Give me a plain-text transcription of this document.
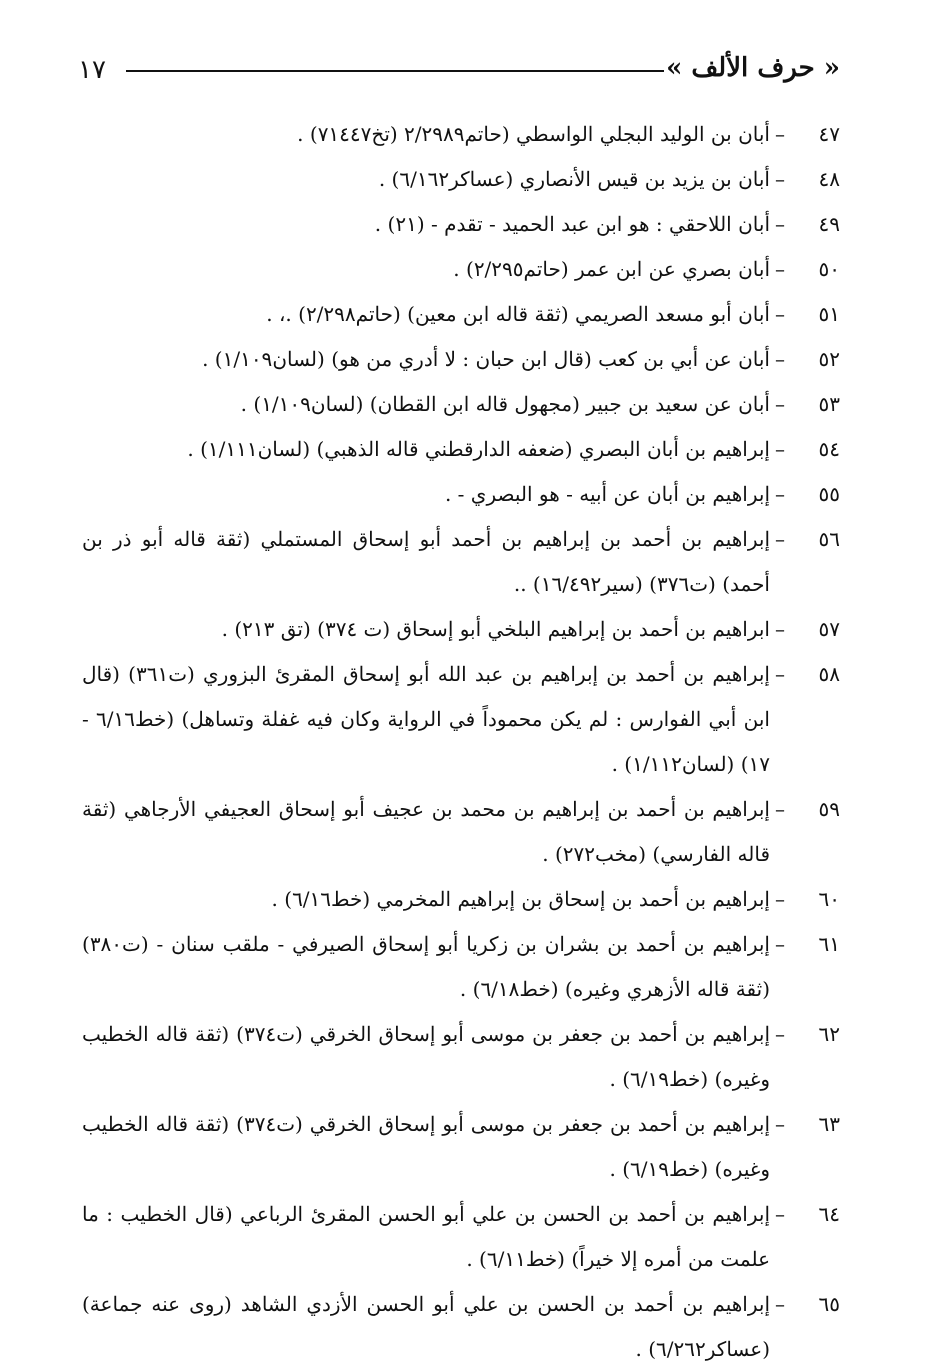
١٧	« حرف الألف »
٤٧
–
أبان بن الوليد البجلي الواسطي (حاتم٢/٢٩٨٩ (تخ٧١٤٤٧) .
٤٨
–
أبان بن يزيد بن قيس الأنصاري (عساكر٦/١٦٢) .
٤٩
–
أبان اللاحقي : هو ابن عبد الحميد - تقدم - (٢١) .
٥٠
–
أبان بصري عن ابن عمر (حاتم٢/٢٩٥) .
٥١
–
أبان أبو مسعد الصريمي (ثقة قاله ابن معين) (حاتم٢/٢٩٨) .، .
٥٢
–
أبان عن أبي بن كعب (قال ابن حبان : لا أدري من هو) (لسان١/١٠٩) .
٥٣
–
أبان عن سعيد بن جبير (مجهول قاله ابن القطان) (لسان١/١٠٩) .
٥٤
–
إبراهيم بن أبان البصري (ضعفه الدارقطني قاله الذهبي) (لسان١/١١١) .
٥٥
–
إبراهيم بن أبان عن أبيه - هو البصري - .
٥٦
–
إبراهيم بن أحمد بن إبراهيم بن أحمد أبو إسحاق المستملي (ثقة قاله أبو ذر بن أحمد) (ت٣٧٦) (سير١٦/٤٩٢) ..
٥٧
–
ابراهيم بن أحمد بن إبراهيم البلخي أبو إسحاق (ت ٣٧٤) (تق ٢١٣) .
٥٨
–
إبراهيم بن أحمد بن إبراهيم بن عبد الله أبو إسحاق المقرئ البزوري (ت٣٦١) (قال ابن أبي الفوارس : لم يكن محموداً في الرواية وكان فيه غفلة وتساهل) (خط٦/١٦ - ١٧) (لسان١/١١٢) .
٥٩
–
إبراهيم بن أحمد بن إبراهيم بن محمد بن عجيف أبو إسحاق العجيفي الأرجاهي (ثقة قاله الفارسي) (مخب٢٧٢) .
٦٠
–
إبراهيم بن أحمد بن إسحاق بن إبراهيم المخرمي (خط٦/١٦) .
٦١
–
إبراهيم بن أحمد بن بشران بن زكريا أبو إسحاق الصيرفي - ملقب سنان - (ت٣٨٠) (ثقة قاله الأزهري وغيره) (خط٦/١٨) .
٦٢
–
إبراهيم بن أحمد بن جعفر بن موسى أبو إسحاق الخرقي (ت٣٧٤) (ثقة قاله الخطيب وغيره) (خط٦/١٩) .
٦٣
–
إبراهيم بن أحمد بن جعفر بن موسى أبو إسحاق الخرقي (ت٣٧٤) (ثقة قاله الخطيب وغيره) (خط٦/١٩) .
٦٤
–
إبراهيم بن أحمد بن الحسن بن علي أبو الحسن المقرئ الرباعي (قال الخطيب : ما علمت من أمره إلا خيراً) (خط٦/١١) .
٦٥
–
إبراهيم بن أحمد بن الحسن بن علي أبو الحسن الأزدي الشاهد (روى عنه جماعة) (عساكر٦/٢٦٢) .
